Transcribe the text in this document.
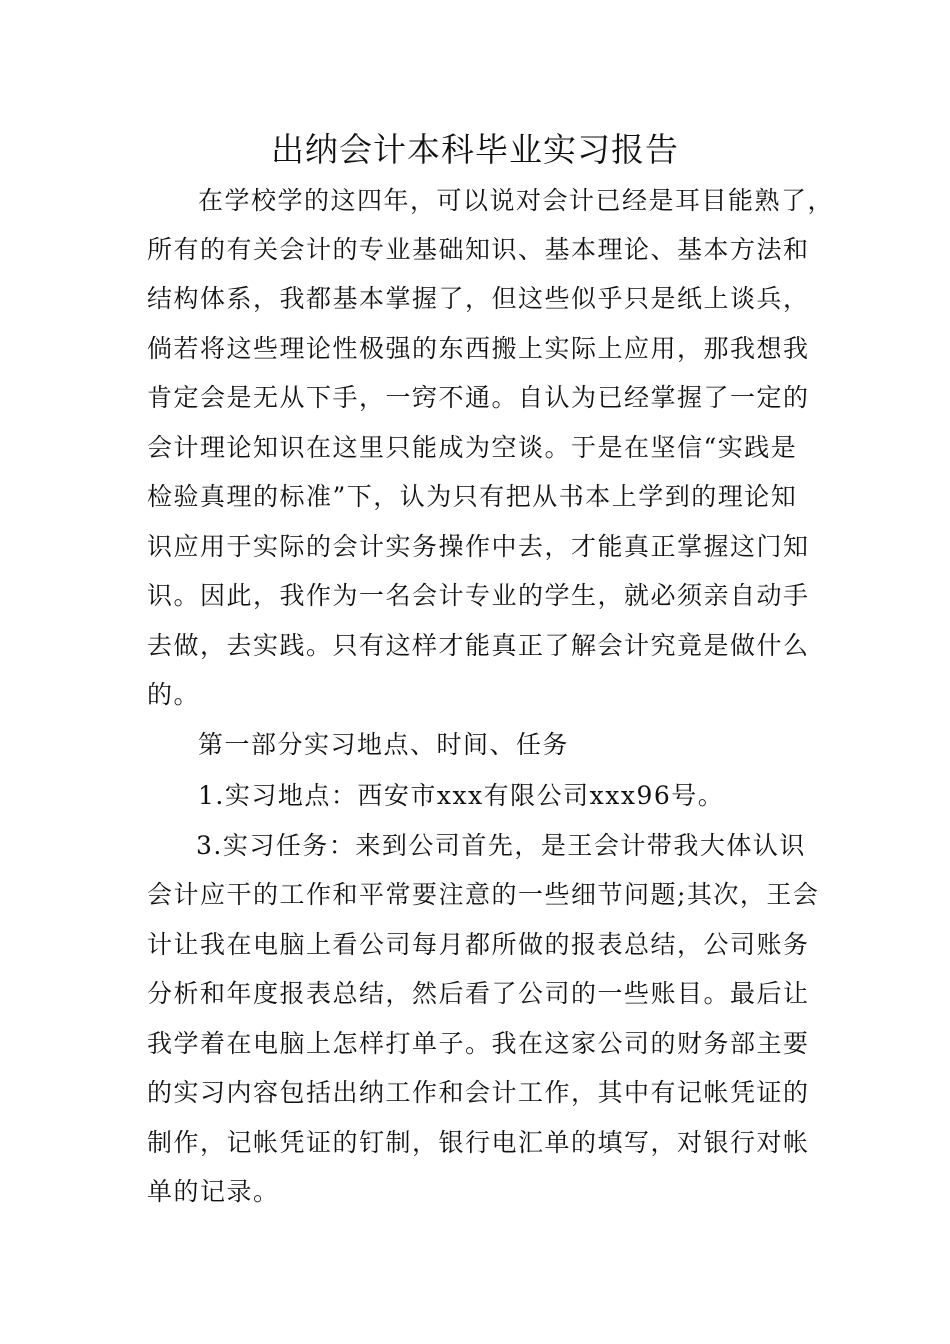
出纳会计本科毕业实习报告

在学校学的这四年，可以说对会计已经是耳目能熟了，

所有的有关会计的专业基础知识、基本理论、基本方法和

结构体系，我都基本掌握了，但这些似乎只是纸上谈兵，

倘若将这些理论性极强的东西搬上实际上应用，那我想我

肯定会是无从下手，一窍不通。自认为已经掌握了一定的

会计理论知识在这里只能成为空谈。于是在坚信“实践是

检验真理的标准”下，认为只有把从书本上学到的理论知

识应用于实际的会计实务操作中去，才能真正掌握这门知

识。因此，我作为一名会计专业的学生，就必须亲自动手

去做，去实践。只有这样才能真正了解会计究竟是做什么

的。

第一部分实习地点、时间、任务

1.实习地点：西安市xxx有限公司xxx96号。

3.实习任务：来到公司首先，是王会计带我大体认识

会计应干的工作和平常要注意的一些细节问题;其次，王会

计让我在电脑上看公司每月都所做的报表总结，公司账务

分析和年度报表总结，然后看了公司的一些账目。最后让

我学着在电脑上怎样打单子。我在这家公司的财务部主要

的实习内容包括出纳工作和会计工作，其中有记帐凭证的

制作，记帐凭证的钉制，银行电汇单的填写，对银行对帐

单的记录。
